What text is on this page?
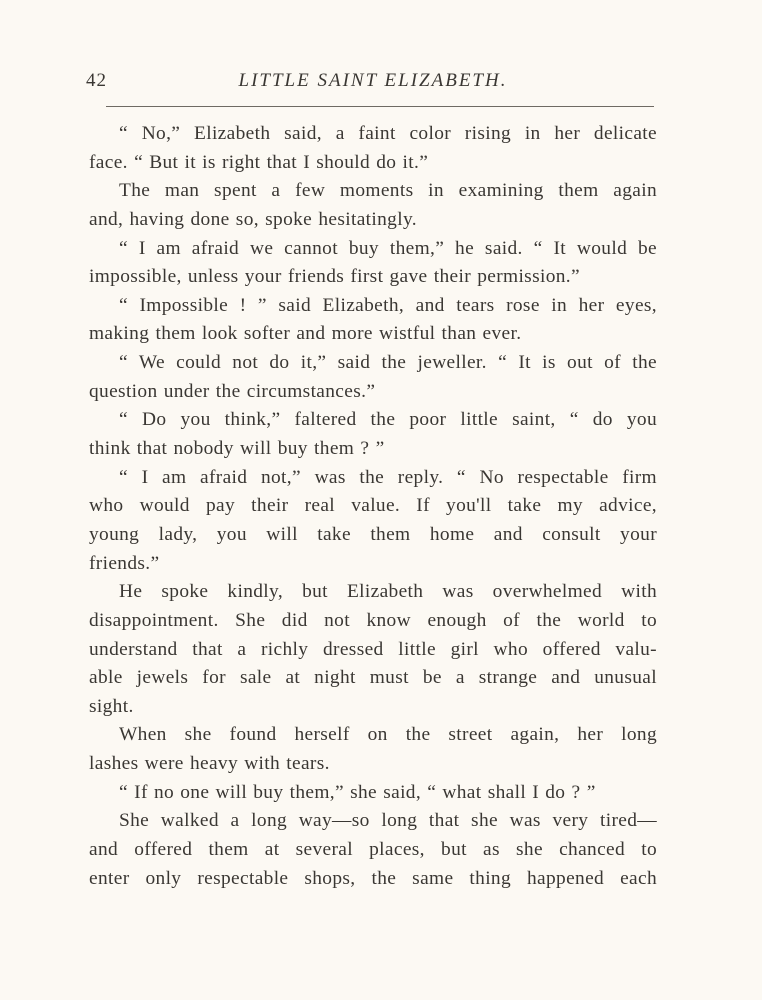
42	LITTLE SAINT ELIZABETH.
“ No,” Elizabeth said, a faint color rising in her delicate
face. “ But it is right that I should do it.”
The man spent a few moments in examining them again
and, having done so, spoke hesitatingly.
“ I am afraid we cannot buy them,” he said. “ It would be
impossible, unless your friends first gave their permission.”
“ Impossible ! ” said Elizabeth, and tears rose in her eyes,
making them look softer and more wistful than ever.
“ We could not do it,” said the jeweller. “ It is out of the
question under the circumstances.”
“ Do you think,” faltered the poor little saint, “ do you
think that nobody will buy them ? ”
“ I am afraid not,” was the reply. “ No respectable firm
who would pay their real value. If you'll take my advice,
young lady, you will take them home and consult your
friends.”
He spoke kindly, but Elizabeth was overwhelmed with
disappointment. She did not know enough of the world to
understand that a richly dressed little girl who offered valu-
able jewels for sale at night must be a strange and unusual
sight.
When she found herself on the street again, her long
lashes were heavy with tears.
“ If no one will buy them,” she said, “ what shall I do ? ”
She walked a long way—so long that she was very tired—
and offered them at several places, but as she chanced to
enter only respectable shops, the same thing happened each
